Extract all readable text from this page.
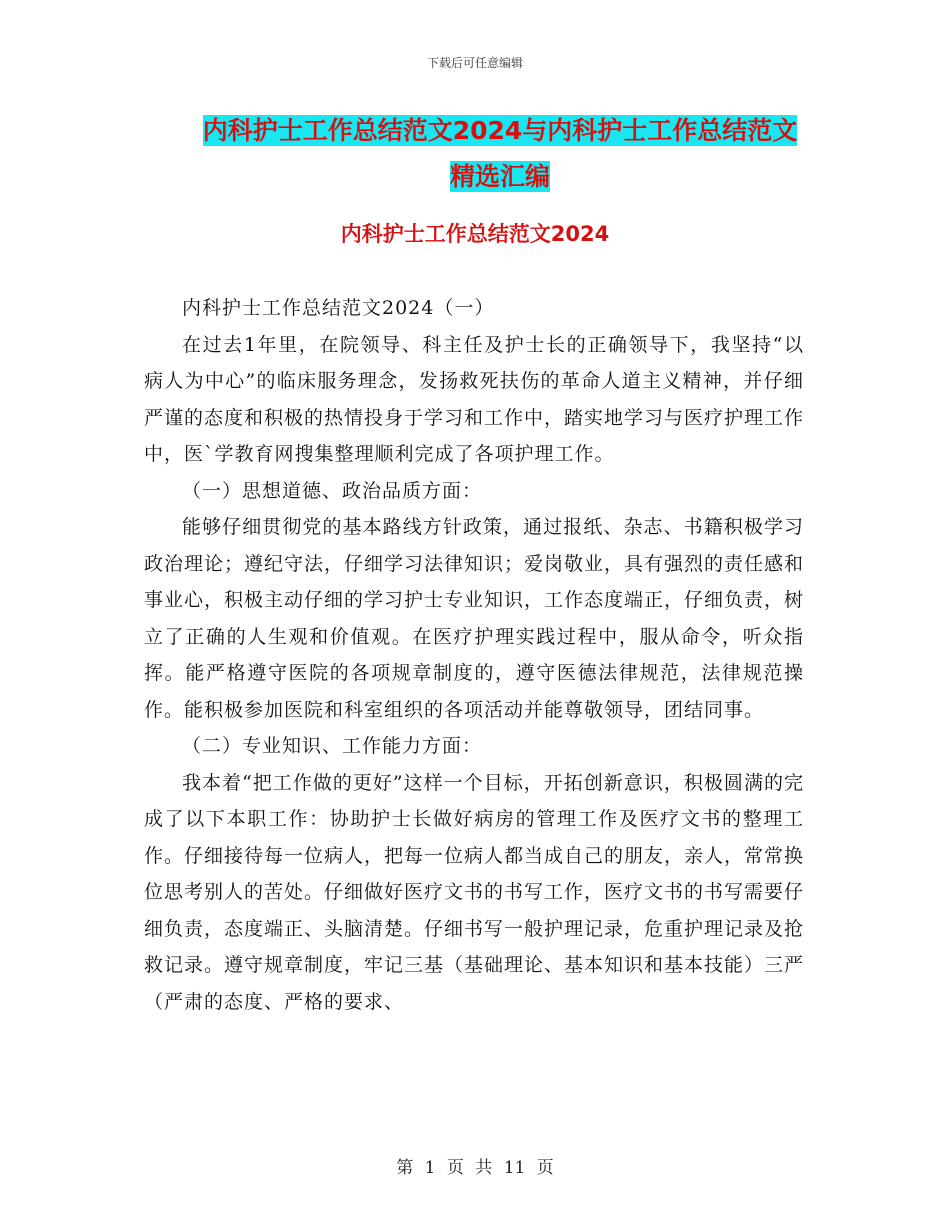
下载后可任意编辑
内科护士工作总结范文2024与内科护士工作总结范文
精选汇编
内科护士工作总结范文2024

内科护士工作总结范文2024（一）

在过去1年里，在院领导、科主任及护士长的正确领导下，我坚持“以病人为中心”的临床服务理念，发扬救死扶伤的革命人道主义精神，并仔细严谨的态度和积极的热情投身于学习和工作中，踏实地学习与医疗护理工作中，医`学教育网搜集整理顺利完成了各项护理工作。

（一）思想道德、政治品质方面：

能够仔细贯彻党的基本路线方针政策，通过报纸、杂志、书籍积极学习政治理论；遵纪守法，仔细学习法律知识；爱岗敬业，具有强烈的责任感和事业心，积极主动仔细的学习护士专业知识，工作态度端正，仔细负责，树立了正确的人生观和价值观。在医疗护理实践过程中，服从命令，听众指挥。能严格遵守医院的各项规章制度的，遵守医德法律规范，法律规范操作。能积极参加医院和科室组织的各项活动并能尊敬领导，团结同事。

（二）专业知识、工作能力方面：

我本着“把工作做的更好”这样一个目标，开拓创新意识，积极圆满的完成了以下本职工作：协助护士长做好病房的管理工作及医疗文书的整理工作。仔细接待每一位病人，把每一位病人都当成自己的朋友，亲人，常常换位思考别人的苦处。仔细做好医疗文书的书写工作，医疗文书的书写需要仔细负责，态度端正、头脑清楚。仔细书写一般护理记录，危重护理记录及抢救记录。遵守规章制度，牢记三基（基础理论、基本知识和基本技能）三严（严肃的态度、严格的要求、

第 1 页 共 11 页
